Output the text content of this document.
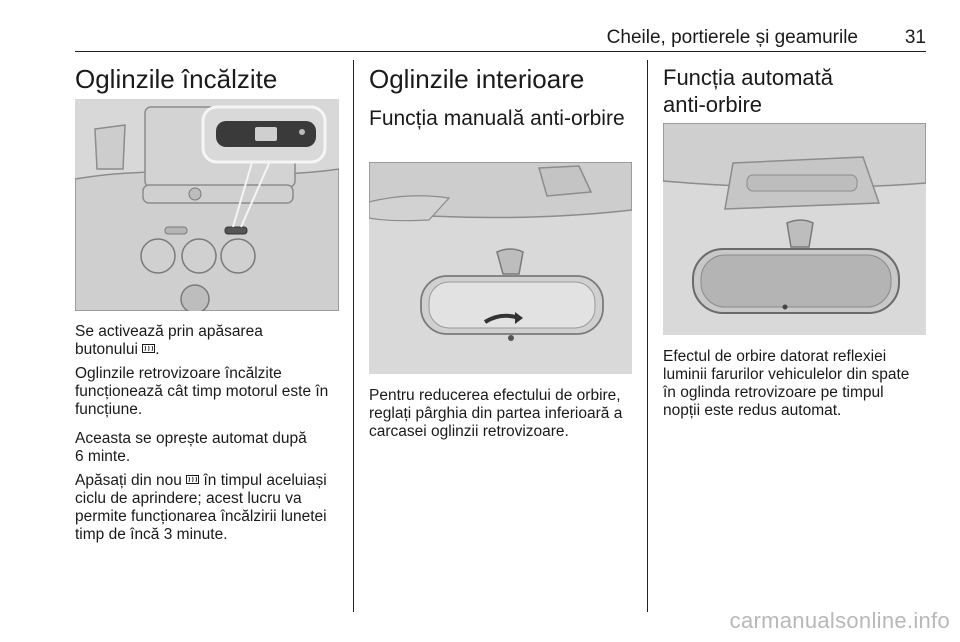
Cheile, portierele și geamurile 31
Oglinzile încălzite

Se activează prin apăsarea
butonului .

Oglinzile retrovizoare încălzite
funcționează cât timp motorul este în
funcțiune.

Aceasta se oprește automat după
6 minte.

Apăsați din nou în timpul aceluiași
ciclu de aprindere; acest lucru va
permite funcționarea încălzirii lunetei
timp de încă 3 minute.

Oglinzile interioare
Funcția manuală anti-orbire

Pentru reducerea efectului de orbire,
reglați pârghia din partea inferioară a
carcasei oglinzii retrovizoare.

Funcția automată
anti-orbire

Efectul de orbire datorat reflexiei
luminii farurilor vehiculelor din spate
în oglinda retrovizoare pe timpul
nopții este redus automat.

carmanualsonline.info
